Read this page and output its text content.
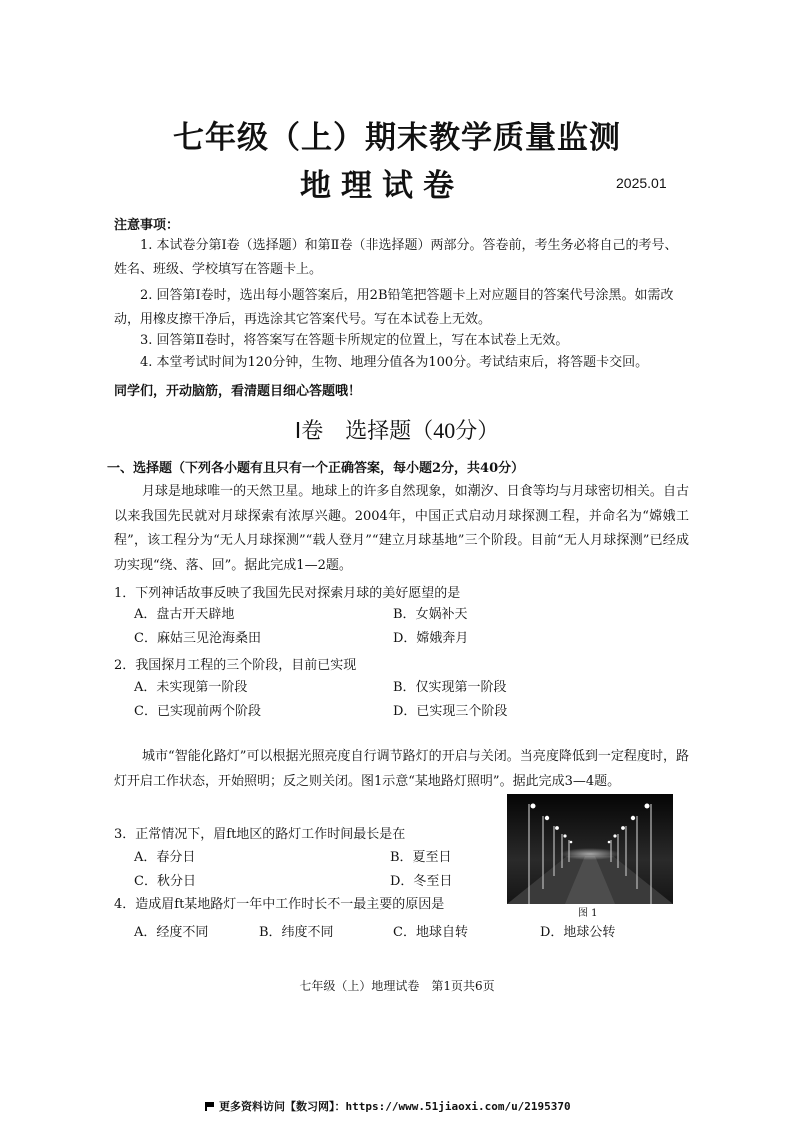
七年级（上）期末教学质量监测
地理试卷	2025.01
注意事项：
1. 本试卷分第Ⅰ卷（选择题）和第Ⅱ卷（非选择题）两部分。答卷前，考生务必将自己的考号、姓名、班级、学校填写在答题卡上。
2. 回答第Ⅰ卷时，选出每小题答案后，用2B铅笔把答题卡上对应题目的答案代号涂黑。如需改动，用橡皮擦干净后，再选涂其它答案代号。写在本试卷上无效。
3. 回答第Ⅱ卷时，将答案写在答题卡所规定的位置上，写在本试卷上无效。
4. 本堂考试时间为120分钟，生物、地理分值各为100分。考试结束后，将答题卡交回。
同学们，开动脑筋，看清题目细心答题哦！
Ⅰ卷　选择题（40分）
一、选择题（下列各小题有且只有一个正确答案，每小题2分，共40分）
月球是地球唯一的天然卫星。地球上的许多自然现象，如潮汐、日食等均与月球密切相关。自古以来我国先民就对月球探索有浓厚兴趣。2004年，中国正式启动月球探测工程，并命名为“嫦娥工程”，该工程分为“无人月球探测”“载人登月”“建立月球基地”三个阶段。目前“无人月球探测”已经成功实现“绕、落、回”。据此完成1—2题。
1．下列神话故事反映了我国先民对探索月球的美好愿望的是
A．盘古开天辟地	B．女娲补天
C．麻姑三见沧海桑田	D．嫦娥奔月
2．我国探月工程的三个阶段，目前已实现
A．未实现第一阶段	B．仅实现第一阶段
C．已实现前两个阶段	D．已实现三个阶段
城市“智能化路灯”可以根据光照亮度自行调节路灯的开启与关闭。当亮度降低到一定程度时，路灯开启工作状态，开始照明；反之则关闭。图1示意“某地路灯照明”。据此完成3—4题。
3．正常情况下，眉ft地区的路灯工作时间最长是在
A．春分日	B．夏至日
C．秋分日	D．冬至日
4．造成眉ft某地路灯一年中工作时长不一最主要的原因是
A．经度不同	B．纬度不同	C．地球自转	D．地球公转
图 1
七年级（上）地理试卷　第1页共6页
更多资料访问【数习网】：https://www.51jiaoxi.com/u/2195370
